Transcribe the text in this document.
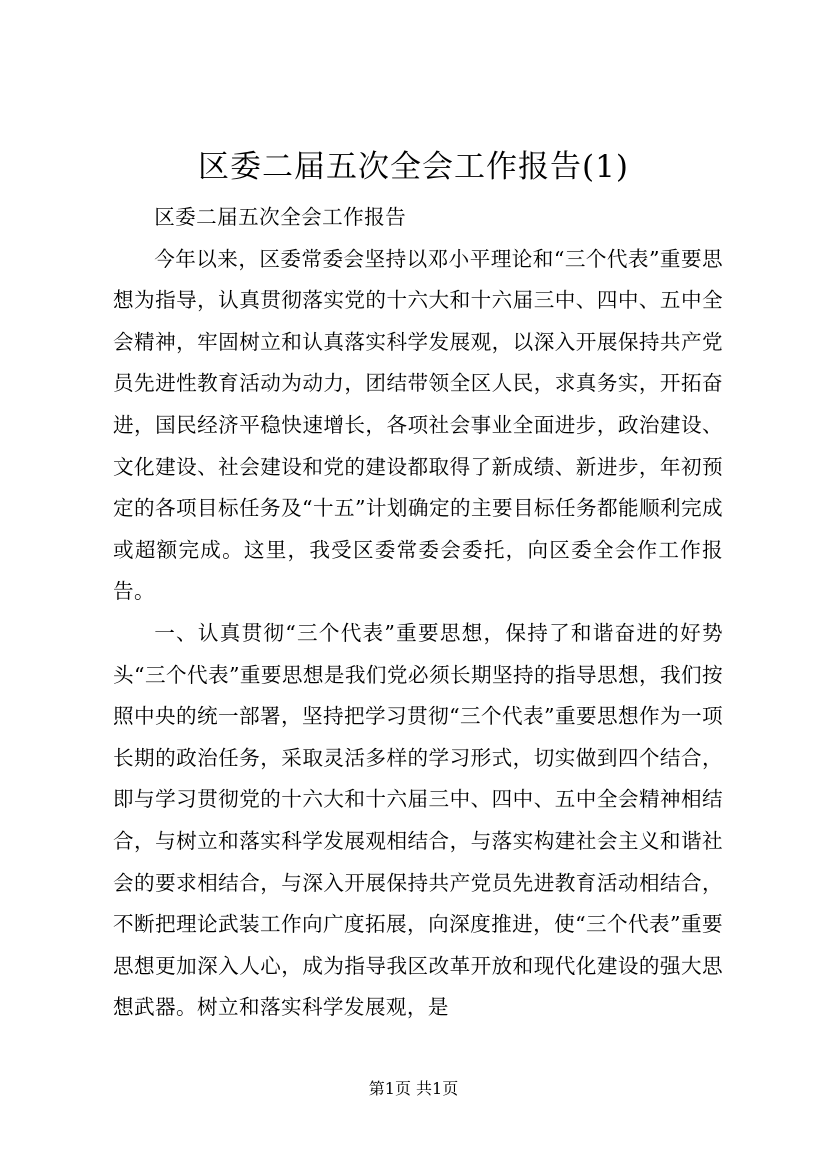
区委二届五次全会工作报告(1)

区委二届五次全会工作报告

今年以来，区委常委会坚持以邓小平理论和“三个代表”重要思想为指导，认真贯彻落实党的十六大和十六届三中、四中、五中全会精神，牢固树立和认真落实科学发展观，以深入开展保持共产党员先进性教育活动为动力，团结带领全区人民，求真务实，开拓奋进，国民经济平稳快速增长，各项社会事业全面进步，政治建设、文化建设、社会建设和党的建设都取得了新成绩、新进步，年初预定的各项目标任务及“十五”计划确定的主要目标任务都能顺利完成或超额完成。这里，我受区委常委会委托，向区委全会作工作报告。

一、认真贯彻“三个代表”重要思想，保持了和谐奋进的好势头“三个代表”重要思想是我们党必须长期坚持的指导思想，我们按照中央的统一部署，坚持把学习贯彻“三个代表”重要思想作为一项长期的政治任务，采取灵活多样的学习形式，切实做到四个结合，即与学习贯彻党的十六大和十六届三中、四中、五中全会精神相结合，与树立和落实科学发展观相结合，与落实构建社会主义和谐社会的要求相结合，与深入开展保持共产党员先进教育活动相结合，不断把理论武装工作向广度拓展，向深度推进，使“三个代表”重要思想更加深入人心，成为指导我区改革开放和现代化建设的强大思想武器。树立和落实科学发展观，是

第1页 共1页
